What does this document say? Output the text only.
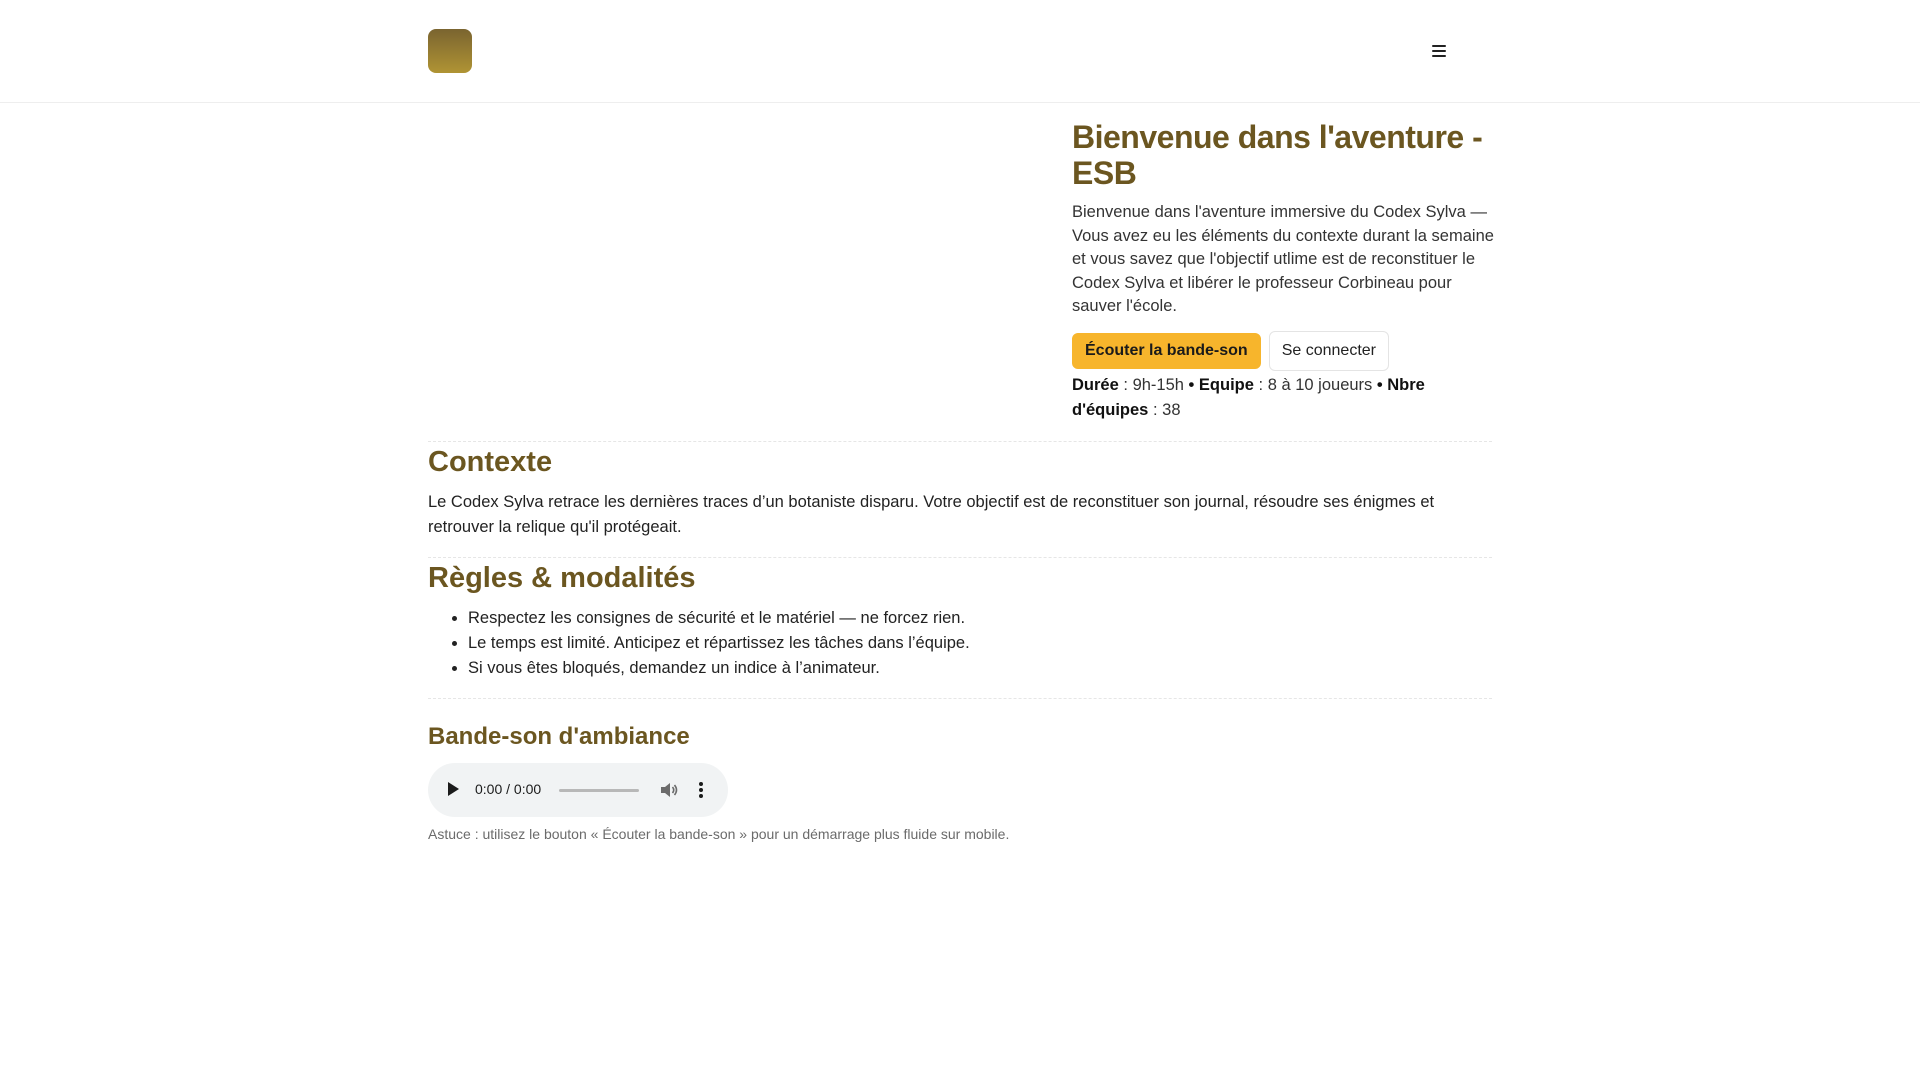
Bienvenue dans l'aventure - ESB

Bienvenue dans l'aventure immersive du Codex Sylva — Vous avez eu les éléments du contexte durant la semaine et vous savez que l'objectif utlime est de reconstituer le Codex Sylva et libérer le professeur Corbineau pour sauver l'école.

Écouter la bande-son	Se connecter
Durée : 9h-15h • Equipe : 8 à 10 joueurs • Nbre d'équipes : 38
Contexte

Le Codex Sylva retrace les dernières traces d’un botaniste disparu. Votre objectif est de reconstituer son journal, résoudre ses énigmes et retrouver la relique qu'il protégeait.

Règles & modalités
• Respectez les consignes de sécurité et le matériel — ne forcez rien.
• Le temps est limité. Anticipez et répartissez les tâches dans l’équipe.
• Si vous êtes bloqués, demandez un indice à l’animateur.
Bande-son d'ambiance
0:00 / 0:00

Astuce : utilisez le bouton « Écouter la bande-son » pour un démarrage plus fluide sur mobile.
